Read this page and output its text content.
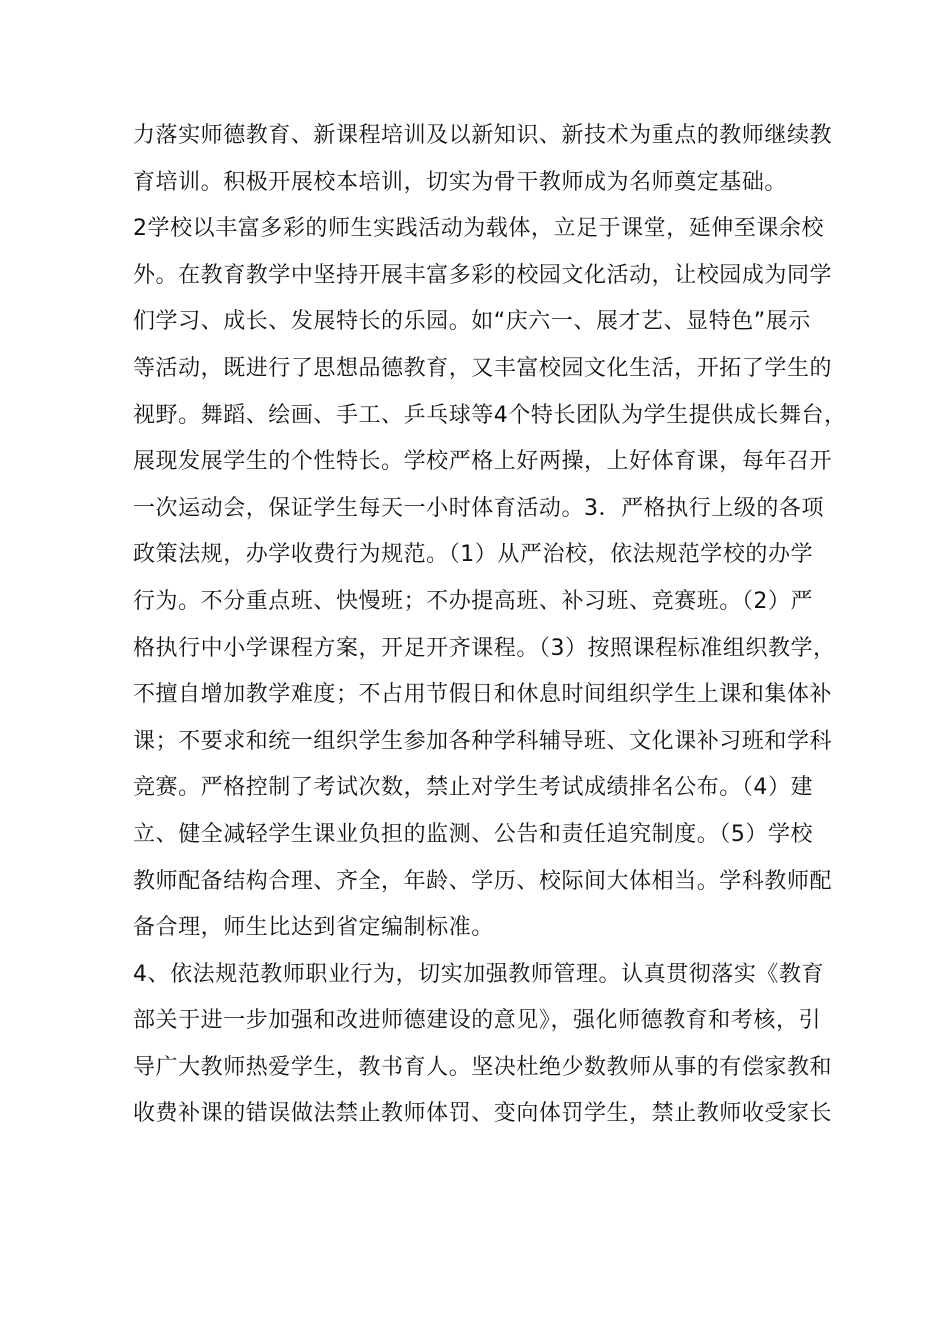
力落实师德教育、新课程培训及以新知识、新技术为重点的教师继续教
育培训。积极开展校本培训，切实为骨干教师成为名师奠定基础。
2学校以丰富多彩的师生实践活动为载体，立足于课堂，延伸至课余校
外。在教育教学中坚持开展丰富多彩的校园文化活动，让校园成为同学
们学习、成长、发展特长的乐园。如“庆六一、展才艺、显特色”展示
等活动，既进行了思想品德教育，又丰富校园文化生活，开拓了学生的
视野。舞蹈、绘画、手工、乒乓球等4个特长团队为学生提供成长舞台，
展现发展学生的个性特长。学校严格上好两操，上好体育课，每年召开
一次运动会，保证学生每天一小时体育活动。3．严格执行上级的各项
政策法规，办学收费行为规范。（1）从严治校，依法规范学校的办学
行为。不分重点班、快慢班；不办提高班、补习班、竞赛班。（2）严
格执行中小学课程方案，开足开齐课程。（3）按照课程标准组织教学，
不擅自增加教学难度；不占用节假日和休息时间组织学生上课和集体补
课；不要求和统一组织学生参加各种学科辅导班、文化课补习班和学科
竞赛。严格控制了考试次数，禁止对学生考试成绩排名公布。（4）建
立、健全减轻学生课业负担的监测、公告和责任追究制度。（5）学校
教师配备结构合理、齐全，年龄、学历、校际间大体相当。学科教师配
备合理，师生比达到省定编制标准。
4、依法规范教师职业行为，切实加强教师管理。认真贯彻落实《教育
部关于进一步加强和改进师德建设的意见》，强化师德教育和考核，引
导广大教师热爱学生，教书育人。坚决杜绝少数教师从事的有偿家教和
收费补课的错误做法禁止教师体罚、变向体罚学生，禁止教师收受家长
